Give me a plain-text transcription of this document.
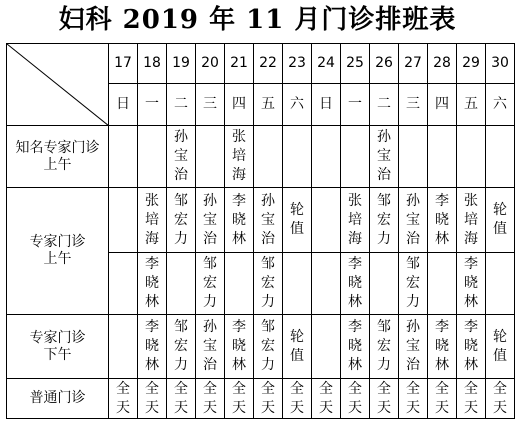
妇科 2019 年 11 月门诊排班表
	17	18	19	20	21	22	23	24	25	26	27	28	29	30
	日	一	二	三	四	五	六	日	一	二	三	四	五	六

知名专家门诊
上午			孙宝治		张培海					孙宝治				

专家门诊
上午		张培海	邹宏力	孙宝治	李晓林	孙宝治	轮值		张培海	邹宏力	孙宝治	李晓林	张培海	轮值

		李晓林		邹宏力		邹宏力			李晓林		邹宏力		李晓林	

专家门诊
下午		李晓林	邹宏力	孙宝治	李晓林	邹宏力	轮值		李晓林	邹宏力	孙宝治	李晓林	李晓林	轮值

普通门诊	全天	全天	全天	全天	全天	全天	全天	全天	全天	全天	全天	全天	全天	全天
